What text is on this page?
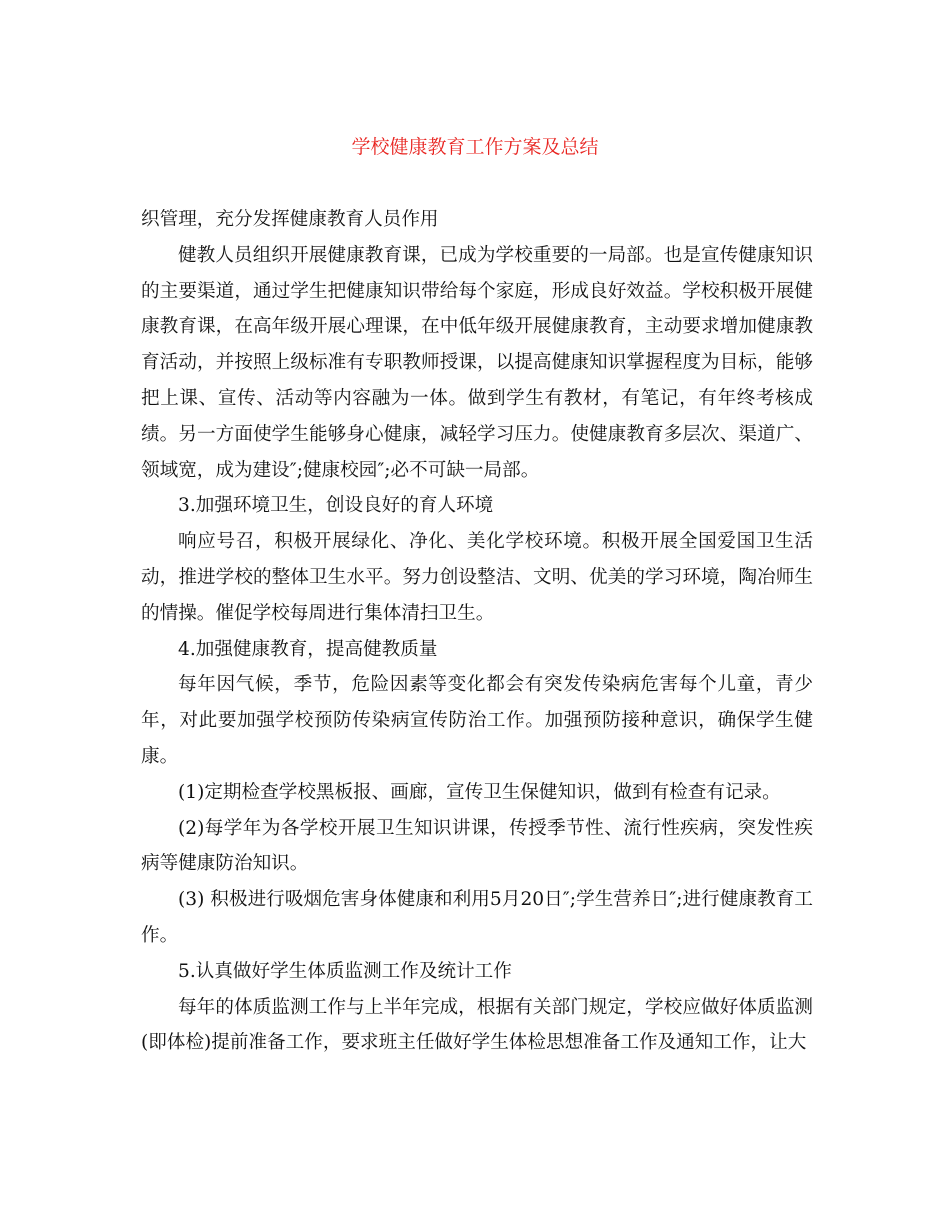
学校健康教育工作方案及总结

织管理，充分发挥健康教育人员作用

健教人员组织开展健康教育课，已成为学校重要的一局部。也是宣传健康知识的主要渠道，通过学生把健康知识带给每个家庭，形成良好效益。学校积极开展健康教育课，在高年级开展心理课，在中低年级开展健康教育，主动要求增加健康教育活动，并按照上级标准有专职教师授课，以提高健康知识掌握程度为目标，能够把上课、宣传、活动等内容融为一体。做到学生有教材，有笔记，有年终考核成绩。另一方面使学生能够身心健康，减轻学习压力。使健康教育多层次、渠道广、领域宽，成为建设″;健康校园″;必不可缺一局部。

3.加强环境卫生，创设良好的育人环境

响应号召，积极开展绿化、净化、美化学校环境。积极开展全国爱国卫生活动，推进学校的整体卫生水平。努力创设整洁、文明、优美的学习环境，陶冶师生的情操。催促学校每周进行集体清扫卫生。

4.加强健康教育，提高健教质量

每年因气候，季节，危险因素等变化都会有突发传染病危害每个儿童，青少年，对此要加强学校预防传染病宣传防治工作。加强预防接种意识，确保学生健康。

(1)定期检查学校黑板报、画廊，宣传卫生保健知识，做到有检查有记录。

(2)每学年为各学校开展卫生知识讲课，传授季节性、流行性疾病，突发性疾病等健康防治知识。

(3) 积极进行吸烟危害身体健康和利用5月20日″;学生营养日″;进行健康教育工作。

5.认真做好学生体质监测工作及统计工作

每年的体质监测工作与上半年完成，根据有关部门规定，学校应做好体质监测(即体检)提前准备工作，要求班主任做好学生体检思想准备工作及通知工作，让大
